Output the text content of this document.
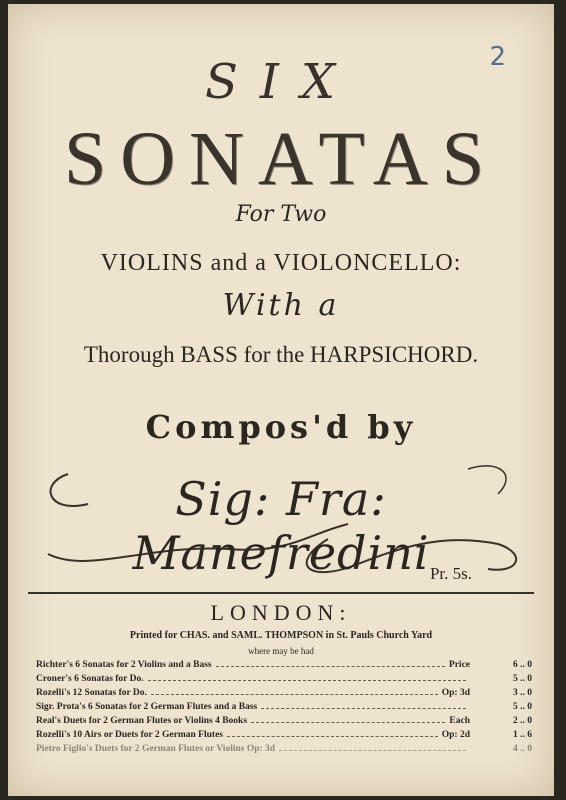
2
SIX
SONATAS
For Two
VIOLINS and a VIOLONCELLO:
With a
Thorough BASS for the HARPSICHORD.
Compos'd by
Sig: Fra: Manefredini Pr. 5s.
LONDON:
Printed for CHAS. and SAML. THOMPSON in St. Pauls Church Yard
where may be had
Richter's 6 Sonatas for 2 Violins and a Bass	Price	6 .. 0
Croner's 6 Sonatas for Do.	5 .. 0
Rozelli's 12 Sonatas for Do.	Op: 3d	3 .. 0
Sigr. Prota's 6 Sonatas for 2 German Flutes and a Bass	5 .. 0
Real's Duets for 2 German Flutes or Violins 4 Books	Each	2 .. 0
Rozelli's 10 Airs or Duets for 2 German Flutes	Op: 2d	1 .. 6
Pietro Figlio's Duets for 2 German Flutes or Violins Op: 3d	4 .. 0
